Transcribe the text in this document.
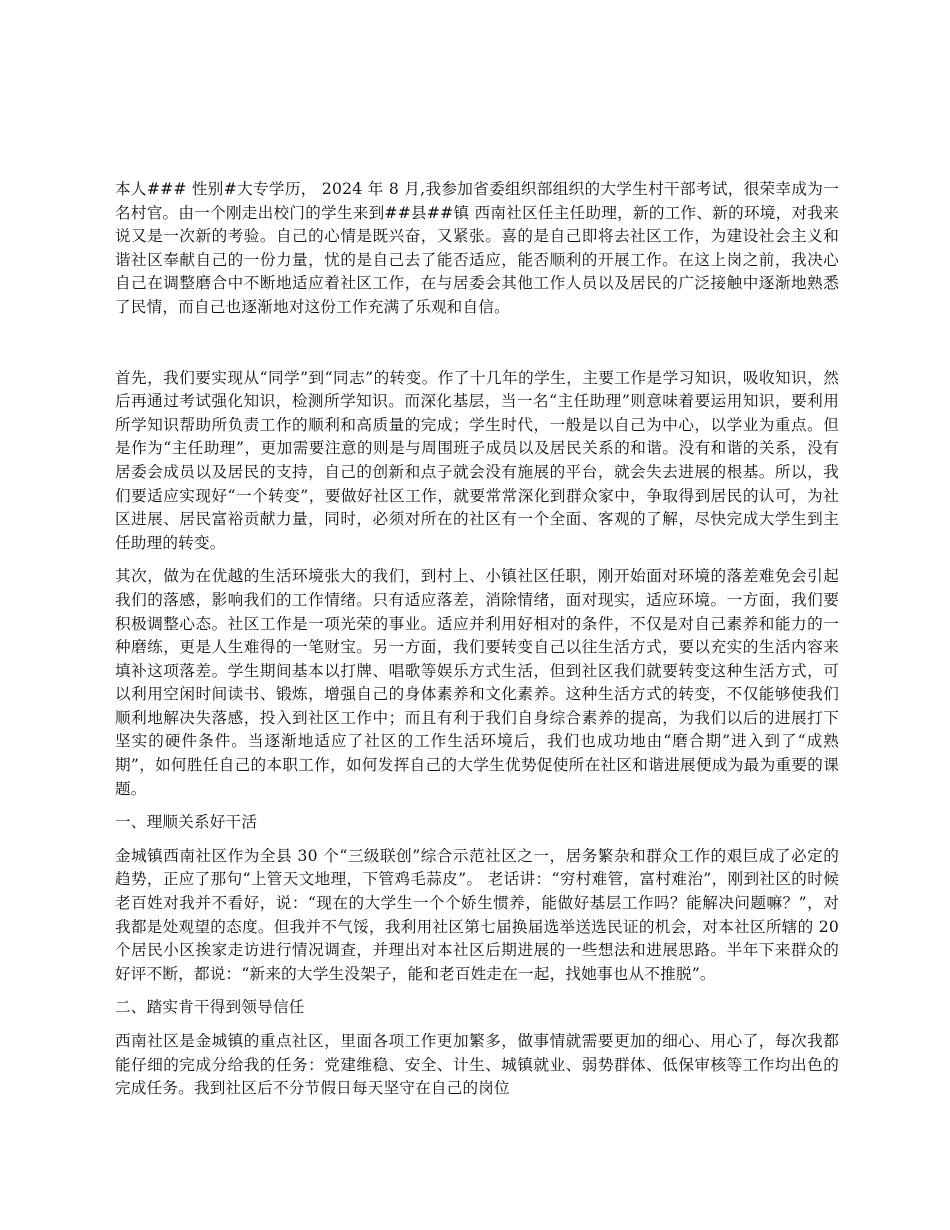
本人### 性别#大专学历， 2024 年 8 月,我参加省委组织部组织的大学生村干部考试，很荣幸成为一名村官。由一个刚走出校门的学生来到##县##镇 西南社区任主任助理，新的工作、新的环境，对我来说又是一次新的考验。自己的心情是既兴奋，又紧张。喜的是自己即将去社区工作，为建设社会主义和谐社区奉献自己的一份力量，忧的是自己去了能否适应，能否顺利的开展工作。在这上岗之前，我决心自己在调整磨合中不断地适应着社区工作，在与居委会其他工作人员以及居民的广泛接触中逐渐地熟悉了民情，而自己也逐渐地对这份工作充满了乐观和自信。

首先，我们要实现从“同学”到“同志”的转变。作了十几年的学生，主要工作是学习知识，吸收知识，然后再通过考试强化知识，检测所学知识。而深化基层，当一名“主任助理”则意味着要运用知识，要利用所学知识帮助所负责工作的顺利和高质量的完成；学生时代，一般是以自己为中心，以学业为重点。但是作为“主任助理”，更加需要注意的则是与周围班子成员以及居民关系的和谐。没有和谐的关系，没有居委会成员以及居民的支持，自己的创新和点子就会没有施展的平台，就会失去进展的根基。所以，我们要适应实现好“一个转变”，要做好社区工作，就要常常深化到群众家中，争取得到居民的认可，为社区进展、居民富裕贡献力量，同时，必须对所在的社区有一个全面、客观的了解，尽快完成大学生到主任助理的转变。

其次，做为在优越的生活环境张大的我们，到村上、小镇社区任职，刚开始面对环境的落差难免会引起我们的落感，影响我们的工作情绪。只有适应落差，消除情绪，面对现实，适应环境。一方面，我们要积极调整心态。社区工作是一项光荣的事业。适应并利用好相对的条件，不仅是对自己素养和能力的一种磨练，更是人生难得的一笔财宝。另一方面，我们要转变自己以往生活方式，要以充实的生活内容来填补这项落差。学生期间基本以打牌、唱歌等娱乐方式生活，但到社区我们就要转变这种生活方式，可以利用空闲时间读书、锻炼，增强自己的身体素养和文化素养。这种生活方式的转变，不仅能够使我们顺利地解决失落感，投入到社区工作中；而且有利于我们自身综合素养的提高，为我们以后的进展打下坚实的硬件条件。当逐渐地适应了社区的工作生活环境后，我们也成功地由“磨合期”进入到了“成熟期”，如何胜任自己的本职工作，如何发挥自己的大学生优势促使所在社区和谐进展便成为最为重要的课题。

一、理顺关系好干活

金城镇西南社区作为全县 30 个“三级联创”综合示范社区之一，居务繁杂和群众工作的艰巨成了必定的趋势，正应了那句“上管天文地理，下管鸡毛蒜皮”。 老话讲：“穷村难管，富村难治”，刚到社区的时候老百姓对我并不看好，说：“现在的大学生一个个娇生惯养，能做好基层工作吗？能解决问题嘛？”，对我都是处观望的态度。但我并不气馁，我利用社区第七届换届选举送选民证的机会，对本社区所辖的 20 个居民小区挨家走访进行情况调查，并理出对本社区后期进展的一些想法和进展思路。半年下来群众的好评不断，都说：“新来的大学生没架子，能和老百姓走在一起，找她事也从不推脱”。

二、踏实肯干得到领导信任

西南社区是金城镇的重点社区，里面各项工作更加繁多，做事情就需要更加的细心、用心了，每次我都能仔细的完成分给我的任务：党建维稳、安全、计生、城镇就业、弱势群体、低保审核等工作均出色的完成任务。我到社区后不分节假日每天坚守在自己的岗位
